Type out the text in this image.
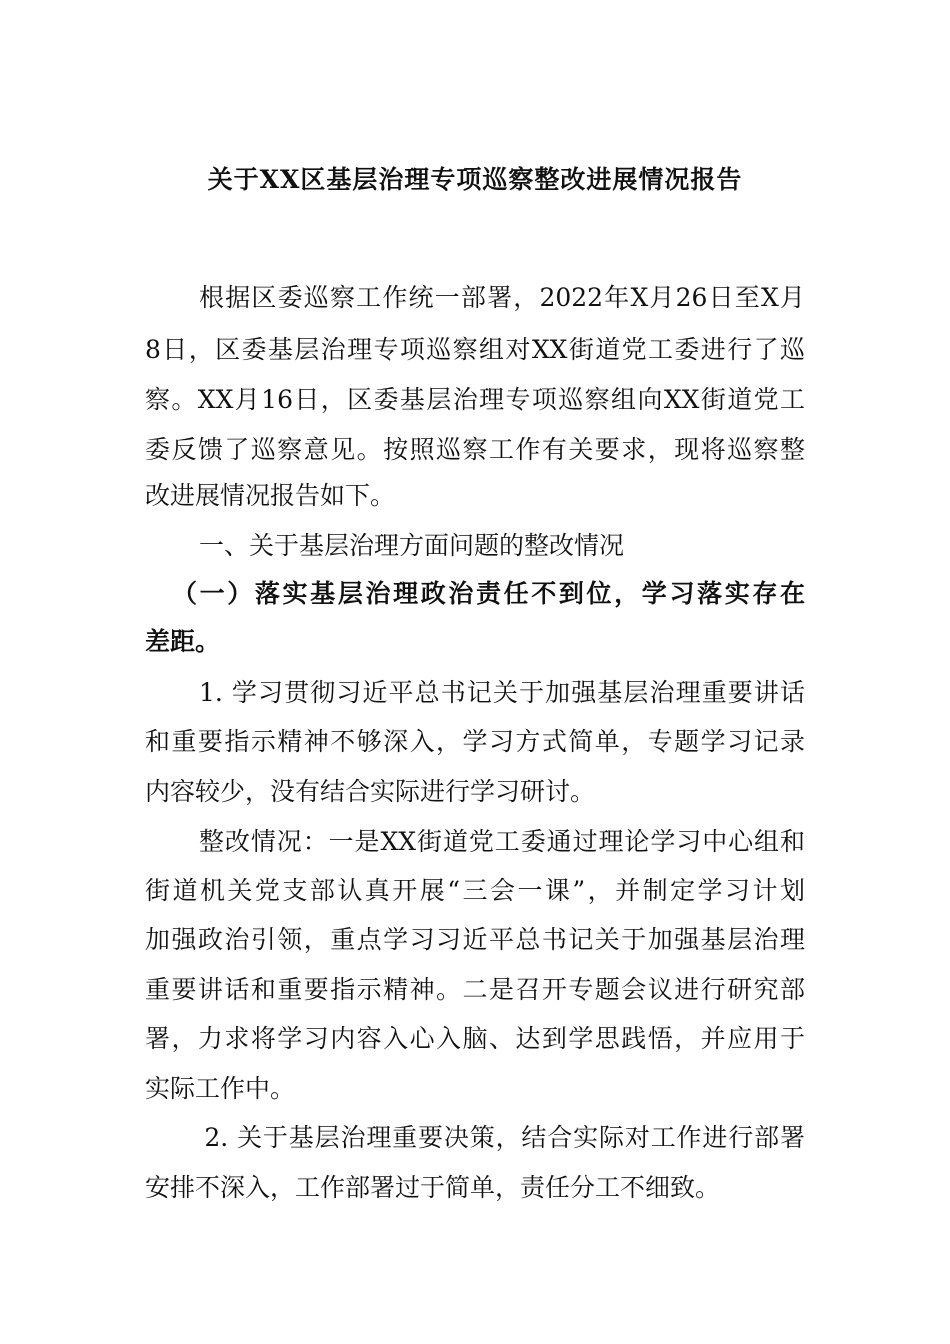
关于XX区基层治理专项巡察整改进展情况报告
根据区委巡察工作统一部署，2022年X月26日至X月
8日，区委基层治理专项巡察组对XX街道党工委进行了巡
察。XX月16日，区委基层治理专项巡察组向XX街道党工
委反馈了巡察意见。按照巡察工作有关要求，现将巡察整
改进展情况报告如下。
一、关于基层治理方面问题的整改情况
（一）落实基层治理政治责任不到位，学习落实存在
差距。
1. 学习贯彻习近平总书记关于加强基层治理重要讲话
和重要指示精神不够深入，学习方式简单，专题学习记录
内容较少，没有结合实际进行学习研讨。
整改情况：一是XX街道党工委通过理论学习中心组和
街道机关党支部认真开展“三会一课”，并制定学习计划
加强政治引领，重点学习习近平总书记关于加强基层治理
重要讲话和重要指示精神。二是召开专题会议进行研究部
署，力求将学习内容入心入脑、达到学思践悟，并应用于
实际工作中。
2. 关于基层治理重要决策，结合实际对工作进行部署
安排不深入，工作部署过于简单，责任分工不细致。
